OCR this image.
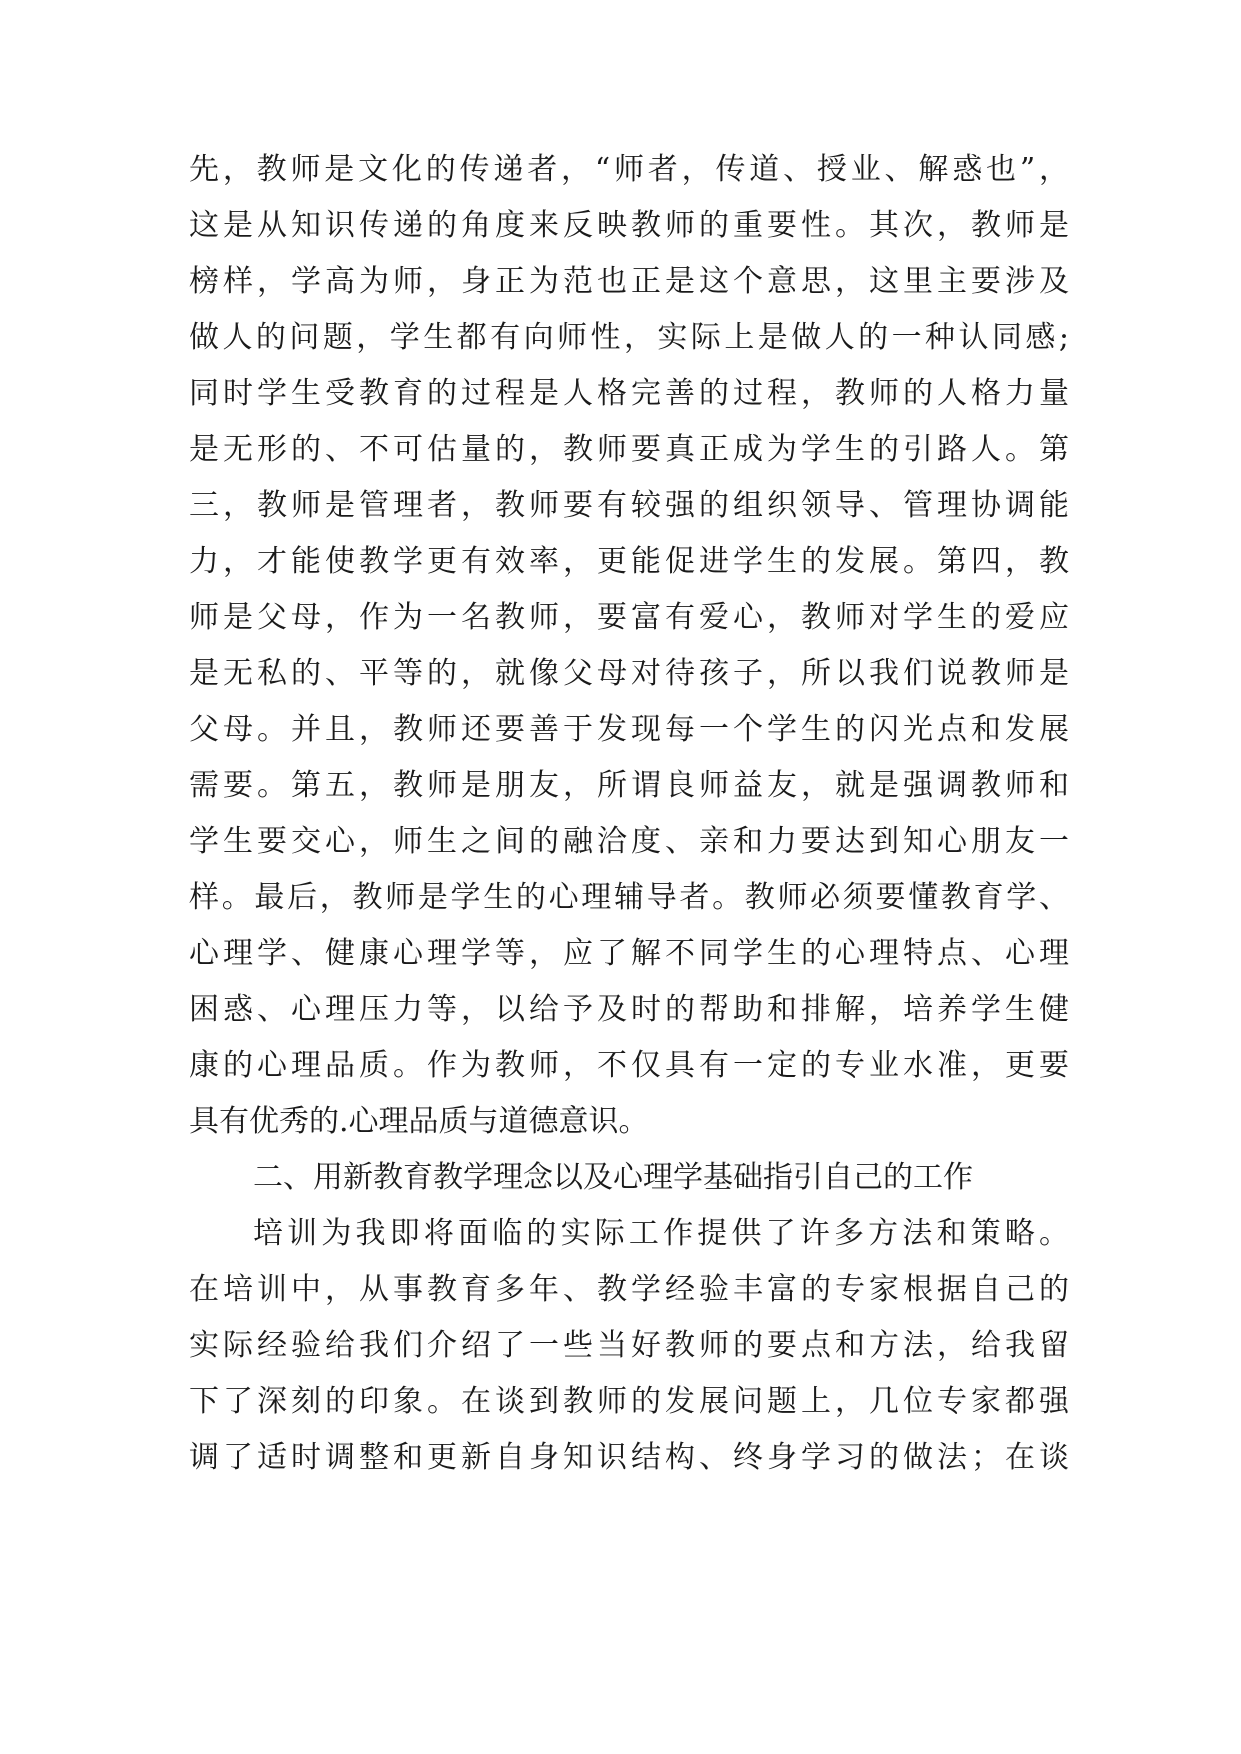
先，教师是文化的传递者，“师者，传道、授业、解惑也”，
这是从知识传递的角度来反映教师的重要性。其次，教师是
榜样，学高为师，身正为范也正是这个意思，这里主要涉及
做人的问题，学生都有向师性，实际上是做人的一种认同感;
同时学生受教育的过程是人格完善的过程，教师的人格力量
是无形的、不可估量的，教师要真正成为学生的引路人。第
三，教师是管理者，教师要有较强的组织领导、管理协调能
力，才能使教学更有效率，更能促进学生的发展。第四，教
师是父母，作为一名教师，要富有爱心，教师对学生的爱应
是无私的、平等的，就像父母对待孩子，所以我们说教师是
父母。并且，教师还要善于发现每一个学生的闪光点和发展
需要。第五，教师是朋友，所谓良师益友，就是强调教师和
学生要交心，师生之间的融洽度、亲和力要达到知心朋友一
样。最后，教师是学生的心理辅导者。教师必须要懂教育学、
心理学、健康心理学等，应了解不同学生的心理特点、心理
困惑、心理压力等，以给予及时的帮助和排解，培养学生健
康的心理品质。作为教师，不仅具有一定的专业水准，更要
具有优秀的.心理品质与道德意识。
二、用新教育教学理念以及心理学基础指引自己的工作
培训为我即将面临的实际工作提供了许多方法和策略。
在培训中，从事教育多年、教学经验丰富的专家根据自己的
实际经验给我们介绍了一些当好教师的要点和方法，给我留
下了深刻的印象。在谈到教师的发展问题上，几位专家都强
调了适时调整和更新自身知识结构、终身学习的做法；在谈
